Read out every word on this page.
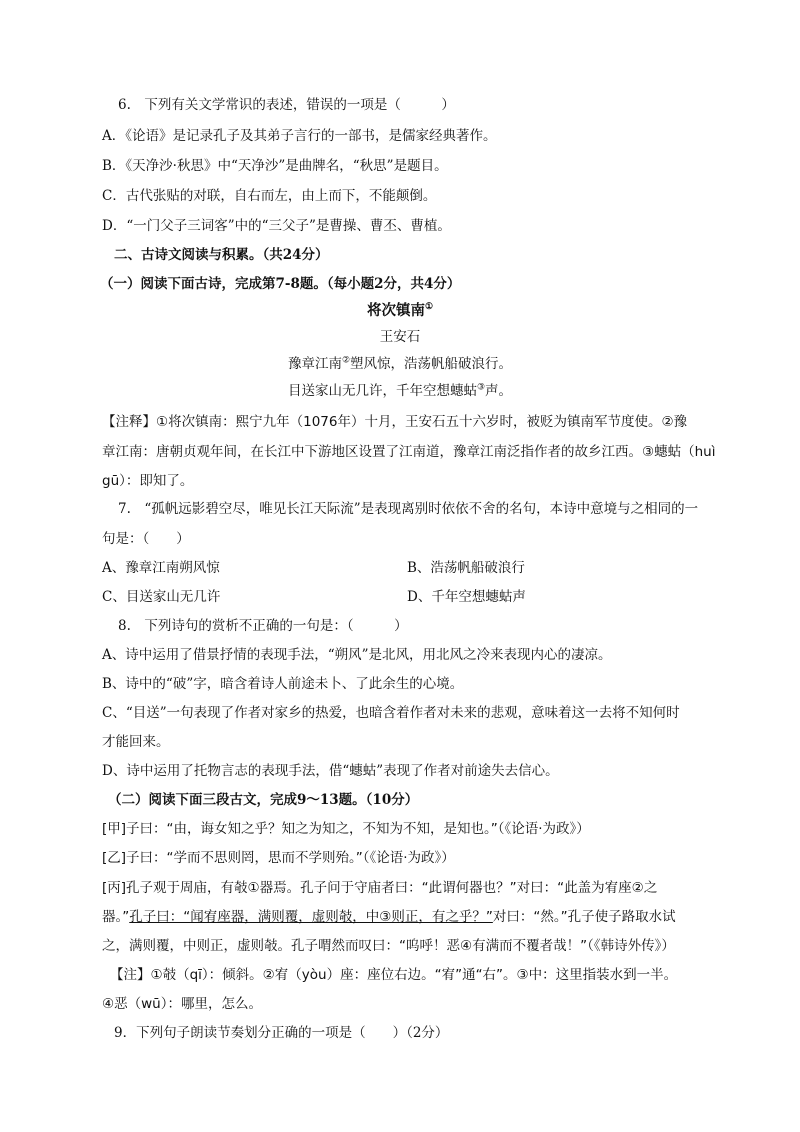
6.　下列有关文学常识的表述，错误的一项是（　　　）
A．《论语》是记录孔子及其弟子言行的一部书，是儒家经典著作。
B．《天净沙·秋思》中“天净沙”是曲牌名，“秋思”是题目。
C．古代张贴的对联，自右而左，由上而下，不能颠倒。
D．“一门父子三词客”中的“三父子”是曹操、曹丕、曹植。
二、古诗文阅读与积累。（共24分）
（一）阅读下面古诗，完成第7-8题。（每小题2分，共4分）
将次镇南①
王安石
豫章江南②塑风惊，浩荡帆船破浪行。
目送家山无几许，千年空想蟪蛄③声。
【注释】①将次镇南：熙宁九年（1076年）十月，王安石五十六岁时，被贬为镇南军节度使。②豫
章江南：唐朝贞观年间，在长江中下游地区设置了江南道，豫章江南泛指作者的故乡江西。③蟪蛄（huì
gū）：即知了。
7.　“孤帆远影碧空尽，唯见长江天际流”是表现离别时依依不舍的名句，本诗中意境与之相同的一
句是：（　　）
A、豫章江南朔风惊	B、浩荡帆船破浪行
C、目送家山无几许	D、千年空想蟪蛄声
8.　下列诗句的赏析不正确的一句是：（　　　）
A、诗中运用了借景抒情的表现手法，“朔风”是北风，用北风之冷来表现内心的凄凉。
B、诗中的“破”字，暗含着诗人前途未卜、了此余生的心境。
C、“目送”一句表现了作者对家乡的热爱，也暗含着作者对未来的悲观，意味着这一去将不知何时
才能回来。
D、诗中运用了托物言志的表现手法，借“蟪蛄”表现了作者对前途失去信心。
（二）阅读下面三段古文，完成9～13题。（10分）
[甲]子曰：“由，诲女知之乎？知之为知之，不知为不知，是知也。”（《论语·为政》）
[乙]子曰：“学而不思则罔，思而不学则殆。”（《论语·为政》）
[丙]孔子观于周庙，有攲①器焉。孔子问于守庙者曰：“此谓何器也？”对曰：“此盖为宥座②之
器。”孔子曰：“闻宥座器，满则覆，虚则攲，中③则正，有之乎？”对曰：“然。”孔子使子路取水试
之，满则覆，中则正，虚则攲。孔子喟然而叹曰：“呜呼！恶④有满而不覆者哉！”（《韩诗外传》）
【注】①攲（qī）：倾斜。②宥（yòu）座：座位右边。“宥”通“右”。③中：这里指装水到一半。
④恶（wū）：哪里，怎么。
9．下列句子朗读节奏划分正确的一项是（　　）（2分）
